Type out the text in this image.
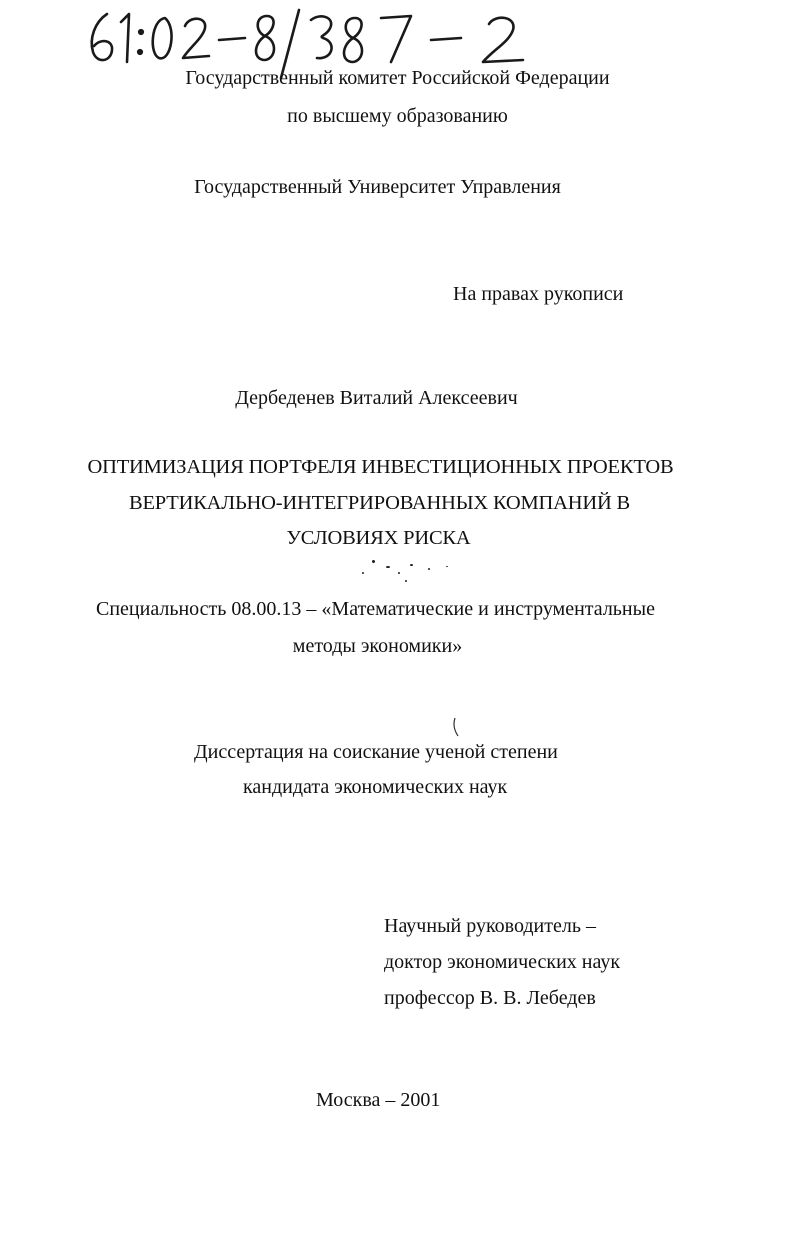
Государственный комитет Российской Федерации
по высшему образованию
Государственный Университет Управления
На правах рукописи
Дербеденев Виталий Алексеевич
ОПТИМИЗАЦИЯ ПОРТФЕЛЯ ИНВЕСТИЦИОННЫХ ПРОЕКТОВ
ВЕРТИКАЛЬНО-ИНТЕГРИРОВАННЫХ КОМПАНИЙ В
УСЛОВИЯХ РИСКА
Специальность 08.00.13 – «Математические и инструментальные
методы экономики»
Диссертация на соискание ученой степени
кандидата экономических наук
Научный руководитель –
доктор экономических наук
профессор В. В. Лебедев
Москва – 2001
